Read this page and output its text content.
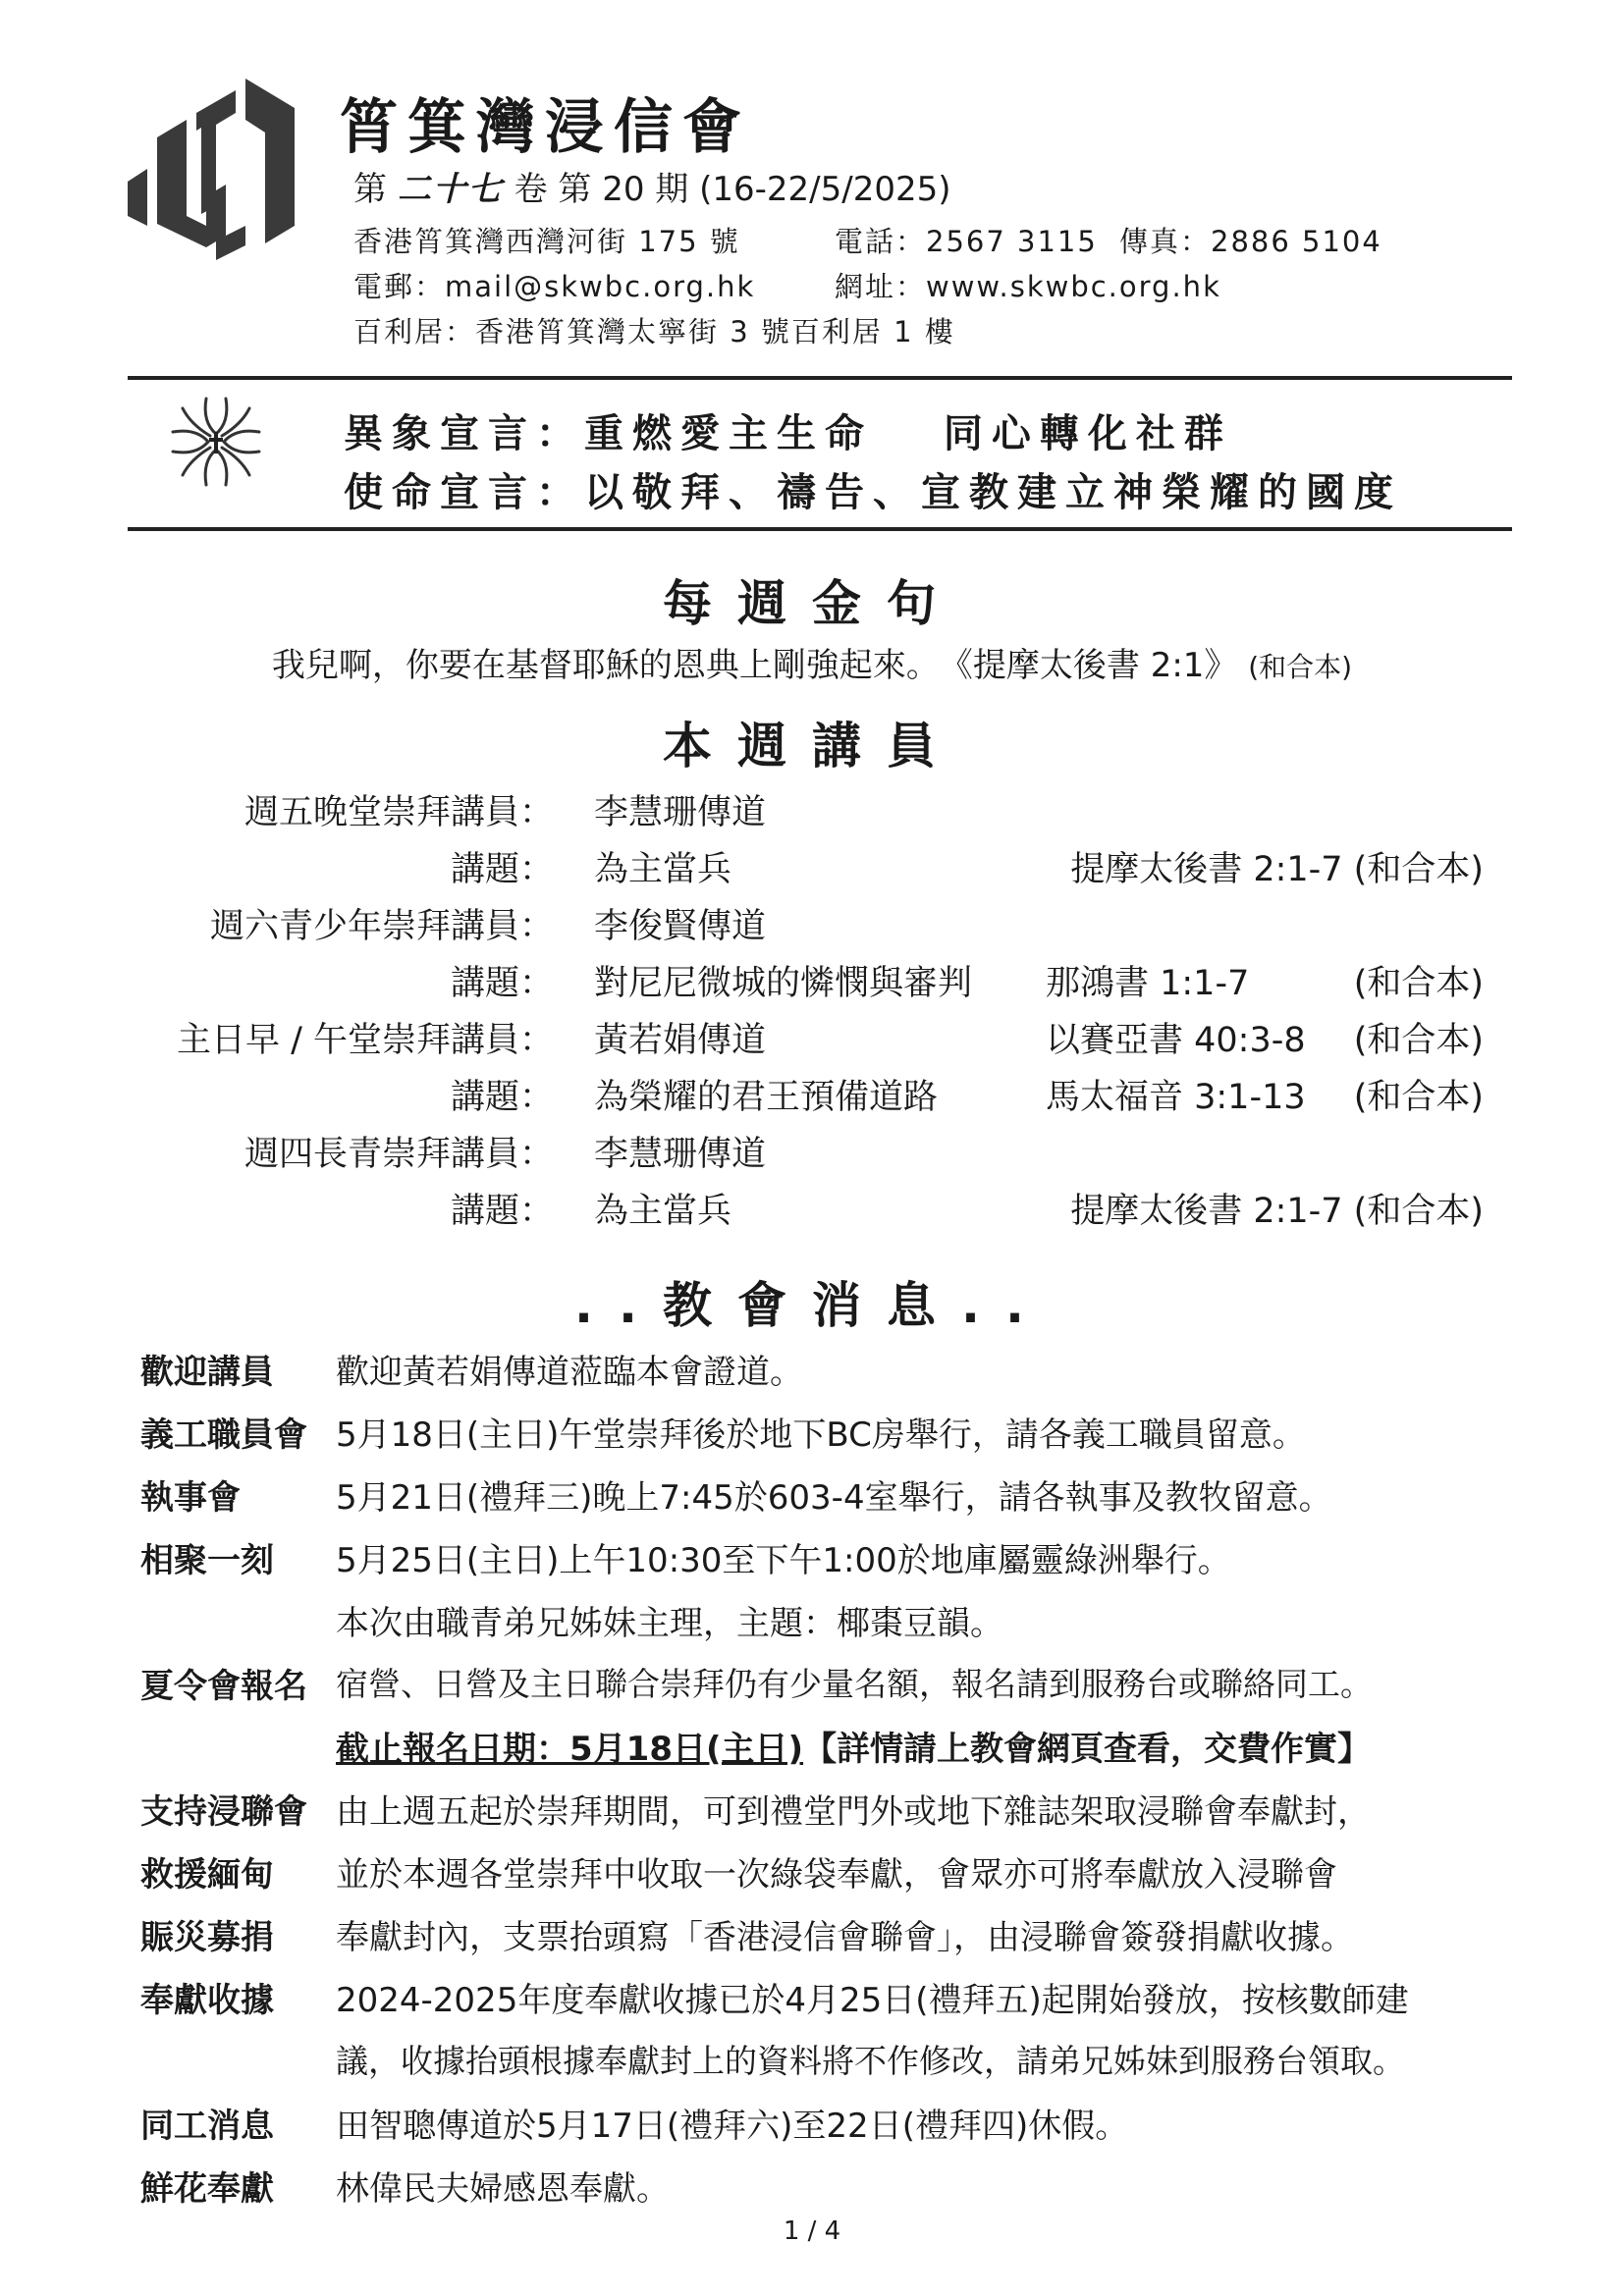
筲箕灣浸信會
第 二十七 卷 第 20 期 (16-22/5/2025)
香港筲箕灣西灣河街 175 號	電話：2567 3115 傳真：2886 5104
電郵：mail@skwbc.org.hk	網址：www.skwbc.org.hk
百利居：香港筲箕灣太寧街 3 號百利居 1 樓
異象宣言：重燃愛主生命　 同心轉化社群
使命宣言：以敬拜、禱告、宣教建立神榮耀的國度
每週金句
我兒啊，你要在基督耶穌的恩典上剛強起來。　《提摩太後書 2:1》 (和合本)
本週講員
週五晚堂崇拜講員： 李慧珊傳道
講題： 為主當兵	提摩太後書 2:1-7 (和合本)
週六青少年崇拜講員： 李俊賢傳道
講題： 對尼尼微城的憐憫與審判 那鴻書 1:1-7	(和合本)
主日早 / 午堂崇拜講員： 黃若娟傳道	以賽亞書 40:3-8 (和合本)
講題： 為榮耀的君王預備道路	馬太福音 3:1-13 (和合本)
週四長青崇拜講員： 李慧珊傳道
講題： 為主當兵	提摩太後書 2:1-7 (和合本)
..教會消息..
歡迎講員 歡迎黃若娟傳道蒞臨本會證道。
義工職員會 5月18日(主日)午堂崇拜後於地下BC房舉行，請各義工職員留意。
執事會	5月21日(禮拜三)晚上7:45於603-4室舉行，請各執事及教牧留意。
相聚一刻 5月25日(主日)上午10:30至下午1:00於地庫屬靈綠洲舉行。
本次由職青弟兄姊妹主理，主題：椰棗豆韻。
夏令會報名 宿營、日營及主日聯合崇拜仍有少量名額，報名請到服務台或聯絡同工。
截止報名日期：5月18日(主日)【詳情請上教會網頁查看，交費作實】
支持浸聯會 由上週五起於崇拜期間，可到禮堂門外或地下雜誌架取浸聯會奉獻封，
救援緬甸 並於本週各堂崇拜中收取一次綠袋奉獻，會眾亦可將奉獻放入浸聯會
賑災募捐 奉獻封內，支票抬頭寫「香港浸信會聯會」，由浸聯會簽發捐獻收據。
奉獻收據 2024-2025年度奉獻收據已於4月25日(禮拜五)起開始發放，按核數師建
議，收據抬頭根據奉獻封上的資料將不作修改，請弟兄姊妹到服務台領取。
同工消息 田智聰傳道於5月17日(禮拜六)至22日(禮拜四)休假。
鮮花奉獻 林偉民夫婦感恩奉獻。
1 / 4
